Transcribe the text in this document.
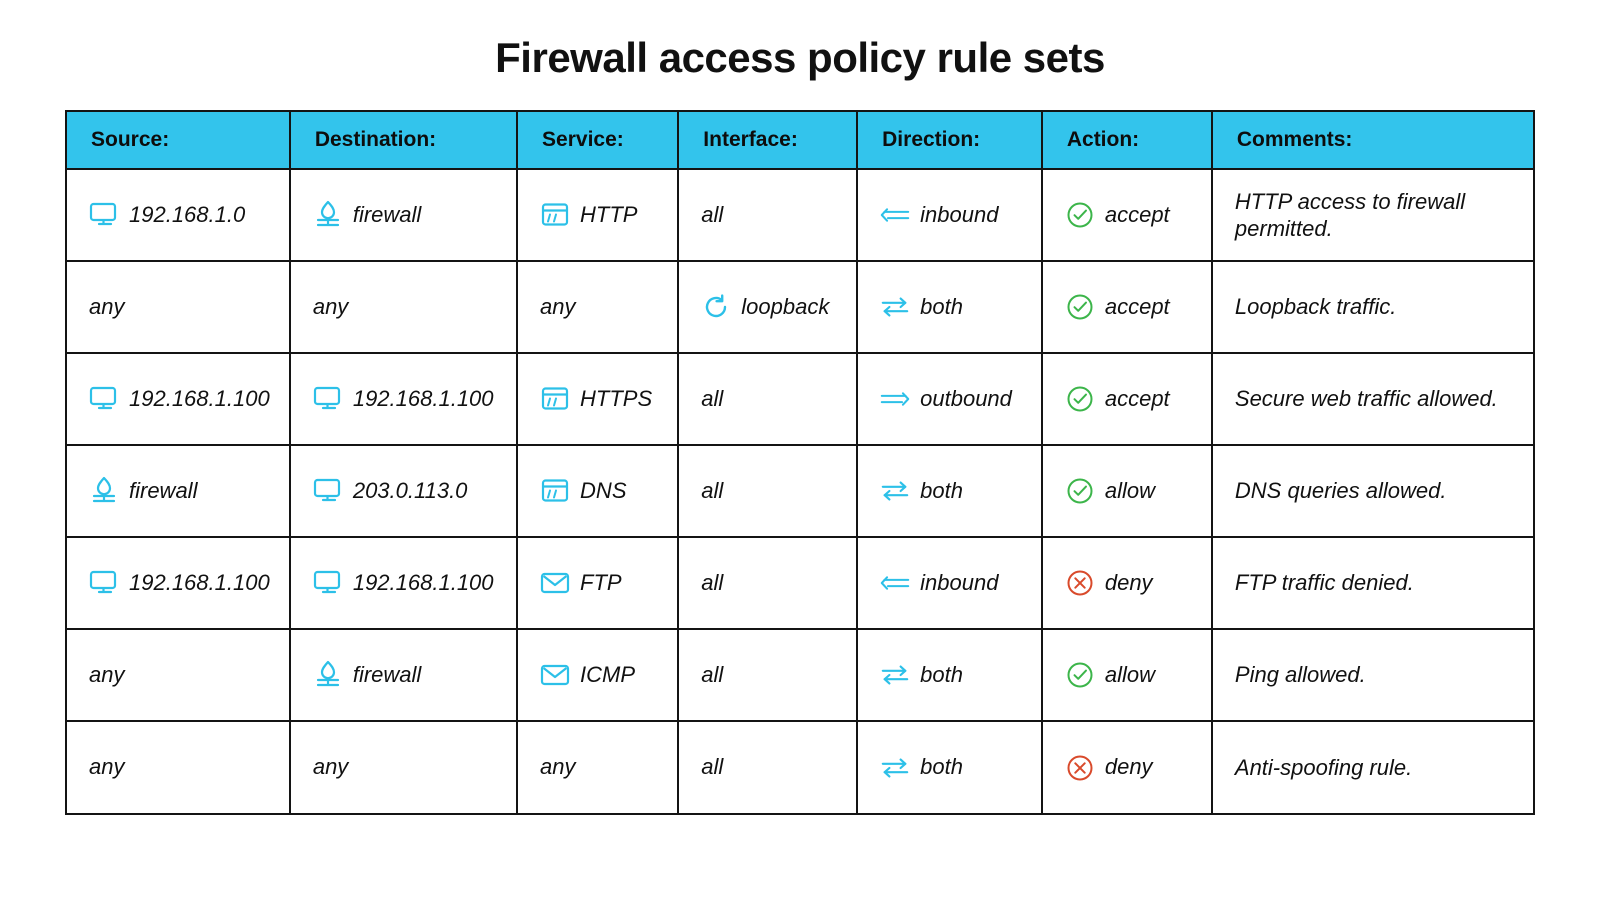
Firewall access policy rule sets
Source:	Destination:	Service:	Interface:	Direction:	Action:	Comments:

192.168.1.0	firewall	HTTP	all	inbound	accept	HTTP access to firewall permitted.

any	any	any	loopback	both	accept	Loopback traffic.

192.168.1.100	192.168.1.100	HTTPS	all	outbound	accept	Secure web traffic allowed.

firewall	203.0.113.0	DNS	all	both	allow	DNS queries allowed.

192.168.1.100	192.168.1.100	FTP	all	inbound	deny	FTP traffic denied.

any	firewall	ICMP	all	both	allow	Ping allowed.

any	any	any	all	both	deny	Anti-spoofing rule.
